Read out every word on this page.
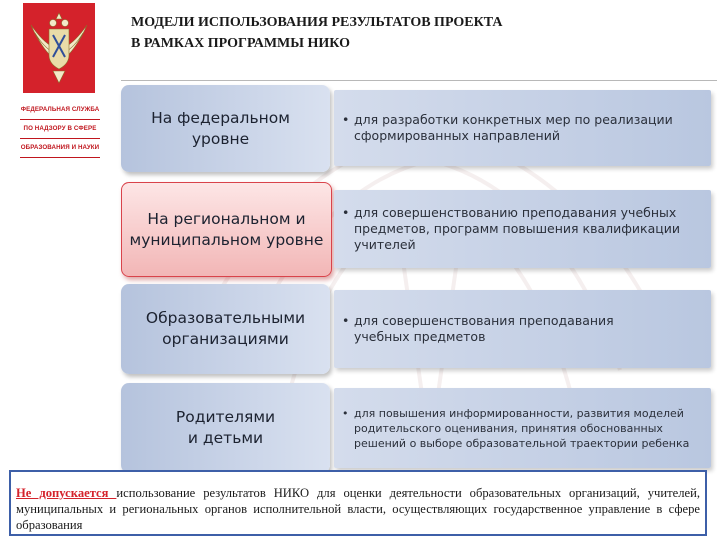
ФЕДЕРАЛЬНАЯ СЛУЖБА
ПО НАДЗОРУ В СФЕРЕ
ОБРАЗОВАНИЯ И НАУКИ
МОДЕЛИ ИСПОЛЬЗОВАНИЯ РЕЗУЛЬТАТОВ ПРОЕКТА
В РАМКАХ ПРОГРАММЫ НИКО
На федеральном уровне
• для разработки конкретных мер по реализации сформированных направлений
На региональном и муниципальном уровне
• для совершенствованию преподавания учебных предметов, программ повышения квалификации учителей
Образовательными организациями
• для совершенствования преподавания учебных предметов
Родителями и детьми
• для повышения информированности, развития моделей родительского оценивания, принятия обоснованных решений о выборе образовательной траектории ребенка
Не допускается использование результатов НИКО для оценки деятельности образовательных организаций, учителей, муниципальных и региональных органов исполнительной власти, осуществляющих государственное управление в сфере образования
